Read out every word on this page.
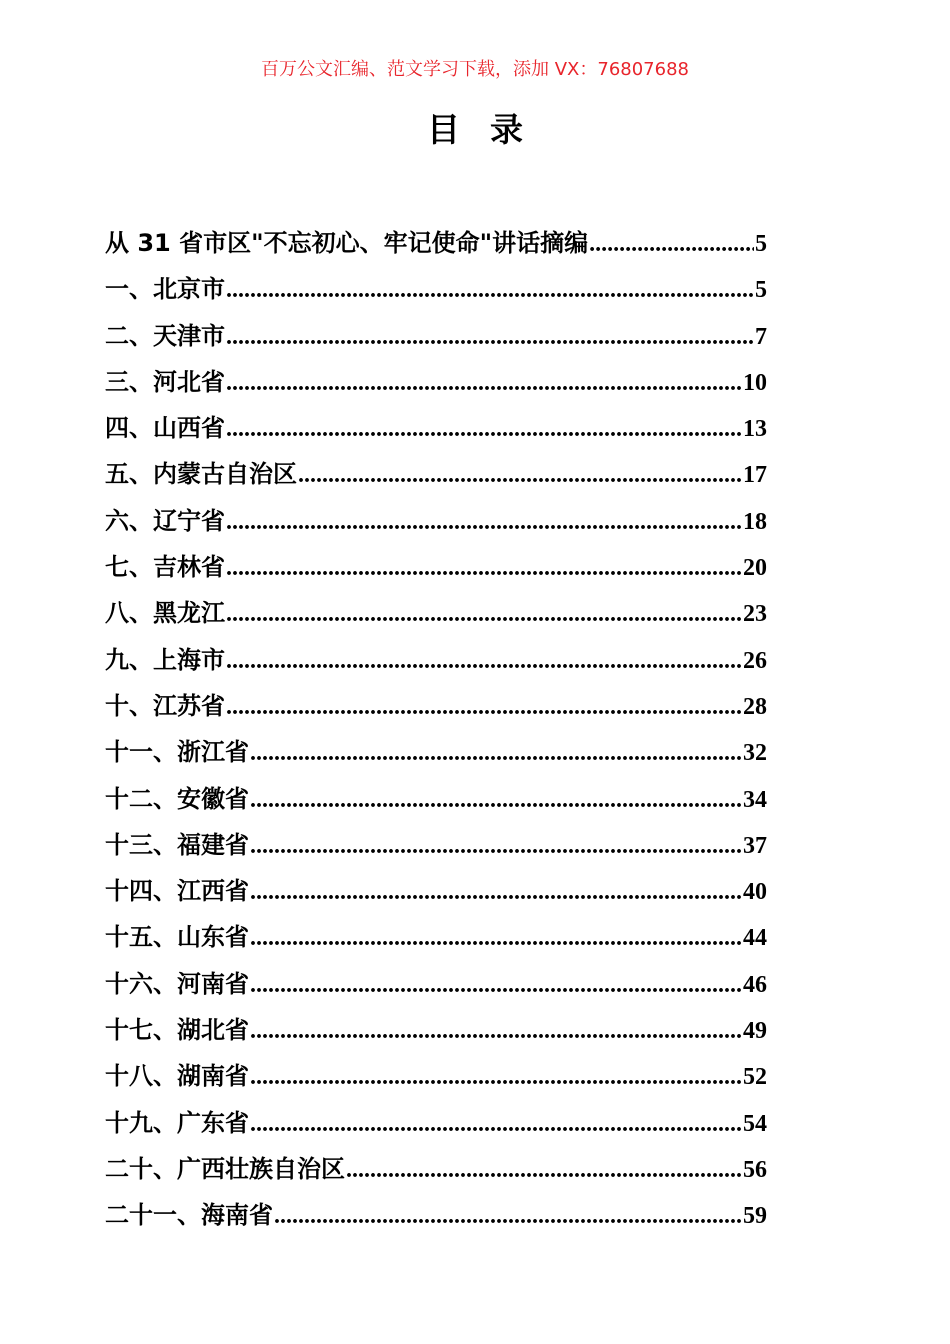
百万公文汇编、范文学习下载，添加 VX：76807688
目录
从 31 省市区"不忘初心、牢记使命"讲话摘编 .....	5
一、北京市 .....	5
二、天津市 .....	7
三、河北省 .....	10
四、山西省 .....	13
五、内蒙古自治区 .....	17
六、辽宁省 .....	18
七、吉林省 .....	20
八、黑龙江 .....	23
九、上海市 .....	26
十、江苏省 .....	28
十一、浙江省 .....	32
十二、安徽省 .....	34
十三、福建省 .....	37
十四、江西省 .....	40
十五、山东省 .....	44
十六、河南省 .....	46
十七、湖北省 .....	49
十八、湖南省 .....	52
十九、广东省 .....	54
二十、广西壮族自治区 .....	56
二十一、海南省 .....	59
